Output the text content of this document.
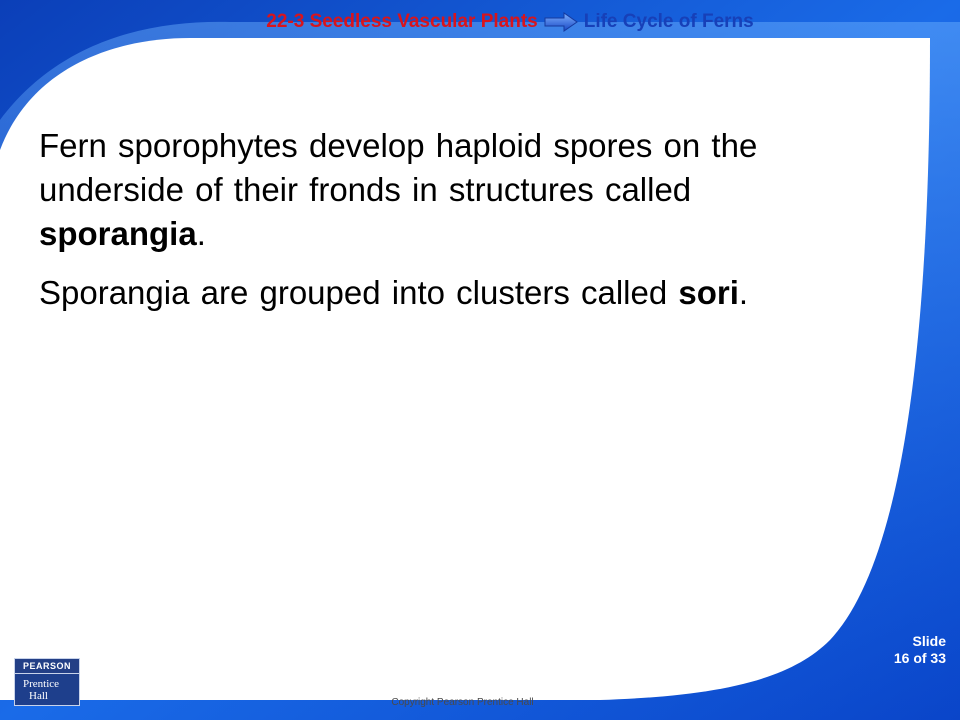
22-3 Seedless Vascular Plants Life Cycle of Ferns

Fern sporophytes develop haploid spores on the underside of their fronds in structures called sporangia.

Sporangia are grouped into clusters called sori.

Slide
16 of 33
PEARSON
Prentice
Hall
Copyright Pearson Prentice Hall
